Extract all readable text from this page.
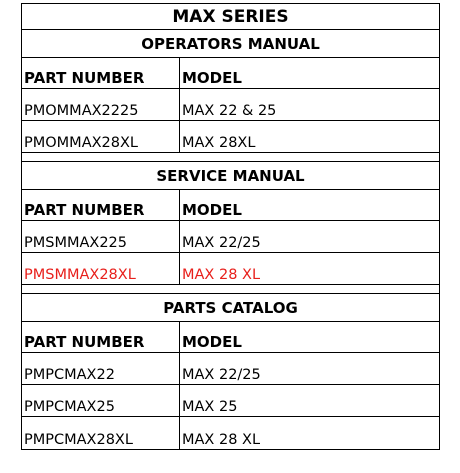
MAX SERIES	
OPERATORS MANUAL	
PART NUMBER	MODEL
PMOMMAX2225	MAX 22 & 25
PMOMMAX28XL	MAX 28XL

SERVICE MANUAL	
PART NUMBER	MODEL
PMSMMAX225	MAX 22/25
PMSMMAX28XL	MAX 28 XL

PARTS CATALOG	
PART NUMBER	MODEL
PMPCMAX22	MAX 22/25
PMPCMAX25	MAX 25
PMPCMAX28XL	MAX 28 XL
